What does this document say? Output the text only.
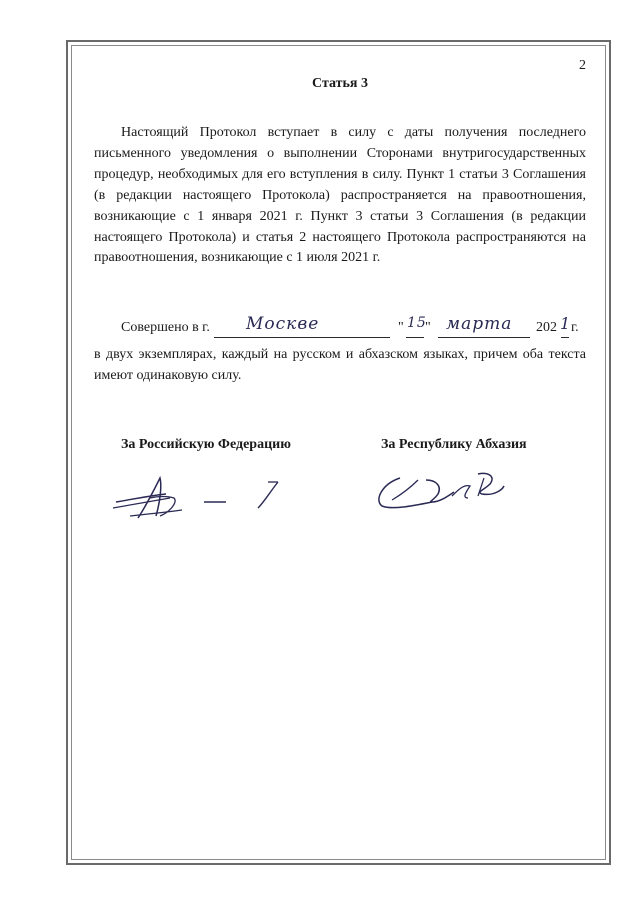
2
Статья 3

Настоящий Протокол вступает в силу с даты получения последнего письменного уведомления о выполнении Сторонами внутригосударственных процедур, необходимых для его вступления в силу. Пункт 1 статьи 3 Соглашения (в редакции настоящего Протокола) распространяется на правоотношения, возникающие с 1 января 2021 г. Пункт 3 статьи 3 Соглашения (в редакции настоящего Протокола) и статья 2 настоящего Протокола распространяются на правоотношения, возникающие с 1 июля 2021 г.

Совершено в г. Москве	" 15
" марта 202 1 г.

в двух экземплярах, каждый на русском и абхазском языках, причем оба текста имеют одинаковую силу.

За Российскую Федерацию	За Республику Абхазия
